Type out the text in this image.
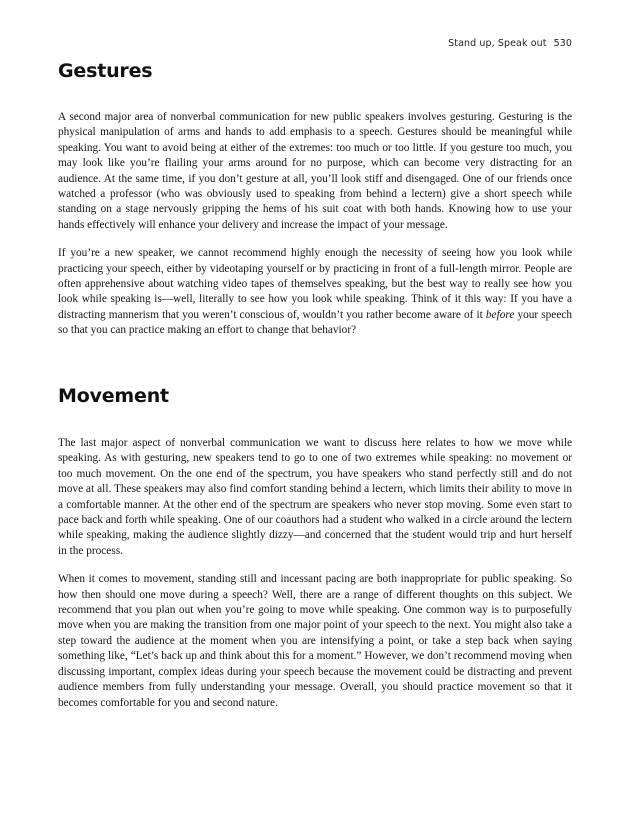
Stand up, Speak out 530
Gestures

A second major area of nonverbal communication for new public speakers involves gesturing. Gesturing is the physical manipulation of arms and hands to add emphasis to a speech. Gestures should be meaningful while speaking. You want to avoid being at either of the extremes: too much or too little. If you gesture too much, you may look like you’re flailing your arms around for no purpose, which can become very distracting for an audience. At the same time, if you don’t gesture at all, you’ll look stiff and disengaged. One of our friends once watched a professor (who was obviously used to speaking from behind a lectern) give a short speech while standing on a stage nervously gripping the hems of his suit coat with both hands. Knowing how to use your hands effectively will enhance your delivery and increase the impact of your message.

If you’re a new speaker, we cannot recommend highly enough the necessity of seeing how you look while practicing your speech, either by videotaping yourself or by practicing in front of a full-length mirror. People are often apprehensive about watching video tapes of themselves speaking, but the best way to really see how you look while speaking is—well, literally to see how you look while speaking. Think of it this way: If you have a distracting mannerism that you weren’t conscious of, wouldn’t you rather become aware of it before your speech so that you can practice making an effort to change that behavior?

Movement

The last major aspect of nonverbal communication we want to discuss here relates to how we move while speaking. As with gesturing, new speakers tend to go to one of two extremes while speaking: no movement or too much movement. On the one end of the spectrum, you have speakers who stand perfectly still and do not move at all. These speakers may also find comfort standing behind a lectern, which limits their ability to move in a comfortable manner. At the other end of the spectrum are speakers who never stop moving. Some even start to pace back and forth while speaking. One of our coauthors had a student who walked in a circle around the lectern while speaking, making the audience slightly dizzy—and concerned that the student would trip and hurt herself in the process.

When it comes to movement, standing still and incessant pacing are both inappropriate for public speaking. So how then should one move during a speech? Well, there are a range of different thoughts on this subject. We recommend that you plan out when you’re going to move while speaking. One common way is to purposefully move when you are making the transition from one major point of your speech to the next. You might also take a step toward the audience at the moment when you are intensifying a point, or take a step back when saying something like, “Let’s back up and think about this for a moment.” However, we don’t recommend moving when discussing important, complex ideas during your speech because the movement could be distracting and prevent audience members from fully understanding your message. Overall, you should practice movement so that it becomes comfortable for you and second nature.
